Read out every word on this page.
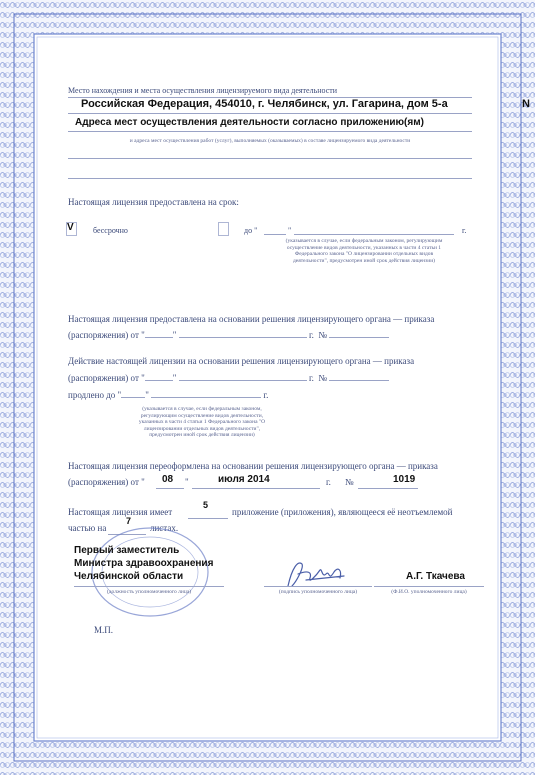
Место нахождения и места осуществления лицензируемого вида деятельности
Российская Федерация, 454010, г. Челябинск, ул. Гагарина, дом 5-а
Адреса мест осуществления деятельности согласно приложению(ям)
и адреса мест осуществления работ (услуг), выполняемых (оказываемых) в составе лицензируемого вида деятельности
N
Настоящая лицензия предоставлена на срок:
V бессрочно	до "	"	г.
(указывается в случае, если федеральным законом, регулирующим осуществление видов деятельности, указанных в части 4 статьи 1 Федерального закона "О лицензировании отдельных видов деятельности", предусмотрен иной срок действия лицензии)
Настоящая лицензия предоставлена на основании решения лицензирующего органа — приказа
(распоряжения) от "	"	г. №
Действие настоящей лицензии на основании решения лицензирующего органа — приказа
(распоряжения) от "	"	г. №
продлено до "	"	г.
(указывается в случае, если федеральным законом, регулирующим осуществление видов деятельности, указанных в части 4 статьи 1 Федерального закона "О лицензировании отдельных видов деятельности", предусмотрен иной срок действия лицензии)
Настоящая лицензия переоформлена на основании решения лицензирующего органа — приказа
(распоряжения) от " 08 "	июля 2014	г. №	1019
Настоящая лицензия имеет
5
приложение (приложения), являющееся её неотъемлемой
частью на
7
листах.
Первый заместитель
Министра здравоохранения
Челябинской области	А.Г. Ткачева
(должность уполномоченного лица)	(подпись уполномоченного лица)	(Ф.И.О. уполномоченного лица)
М.П.
